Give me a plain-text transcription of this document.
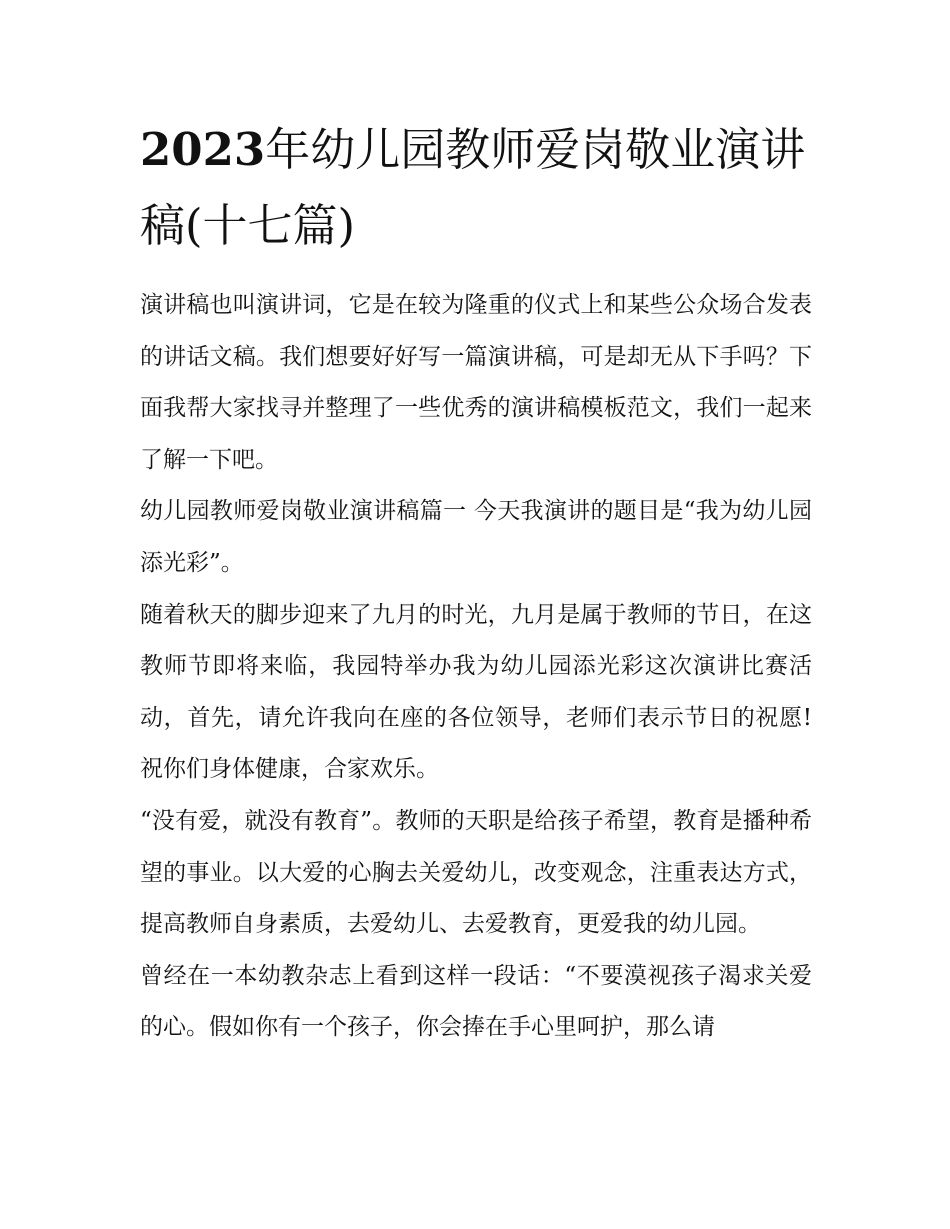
2023年幼儿园教师爱岗敬业演讲稿(十七篇)

演讲稿也叫演讲词，它是在较为隆重的仪式上和某些公众场合发表的讲话文稿。我们想要好好写一篇演讲稿，可是却无从下手吗？下面我帮大家找寻并整理了一些优秀的演讲稿模板范文，我们一起来了解一下吧。

幼儿园教师爱岗敬业演讲稿篇一 今天我演讲的题目是“我为幼儿园添光彩”。

随着秋天的脚步迎来了九月的时光，九月是属于教师的节日，在这教师节即将来临，我园特举办我为幼儿园添光彩这次演讲比赛活动，首先，请允许我向在座的各位领导，老师们表示节日的祝愿!祝你们身体健康，合家欢乐。

“没有爱，就没有教育”。教师的天职是给孩子希望，教育是播种希望的事业。以大爱的心胸去关爱幼儿，改变观念，注重表达方式，提高教师自身素质，去爱幼儿、去爱教育，更爱我的幼儿园。

曾经在一本幼教杂志上看到这样一段话：“不要漠视孩子渴求关爱的心。假如你有一个孩子，你会捧在手心里呵护，那么请
